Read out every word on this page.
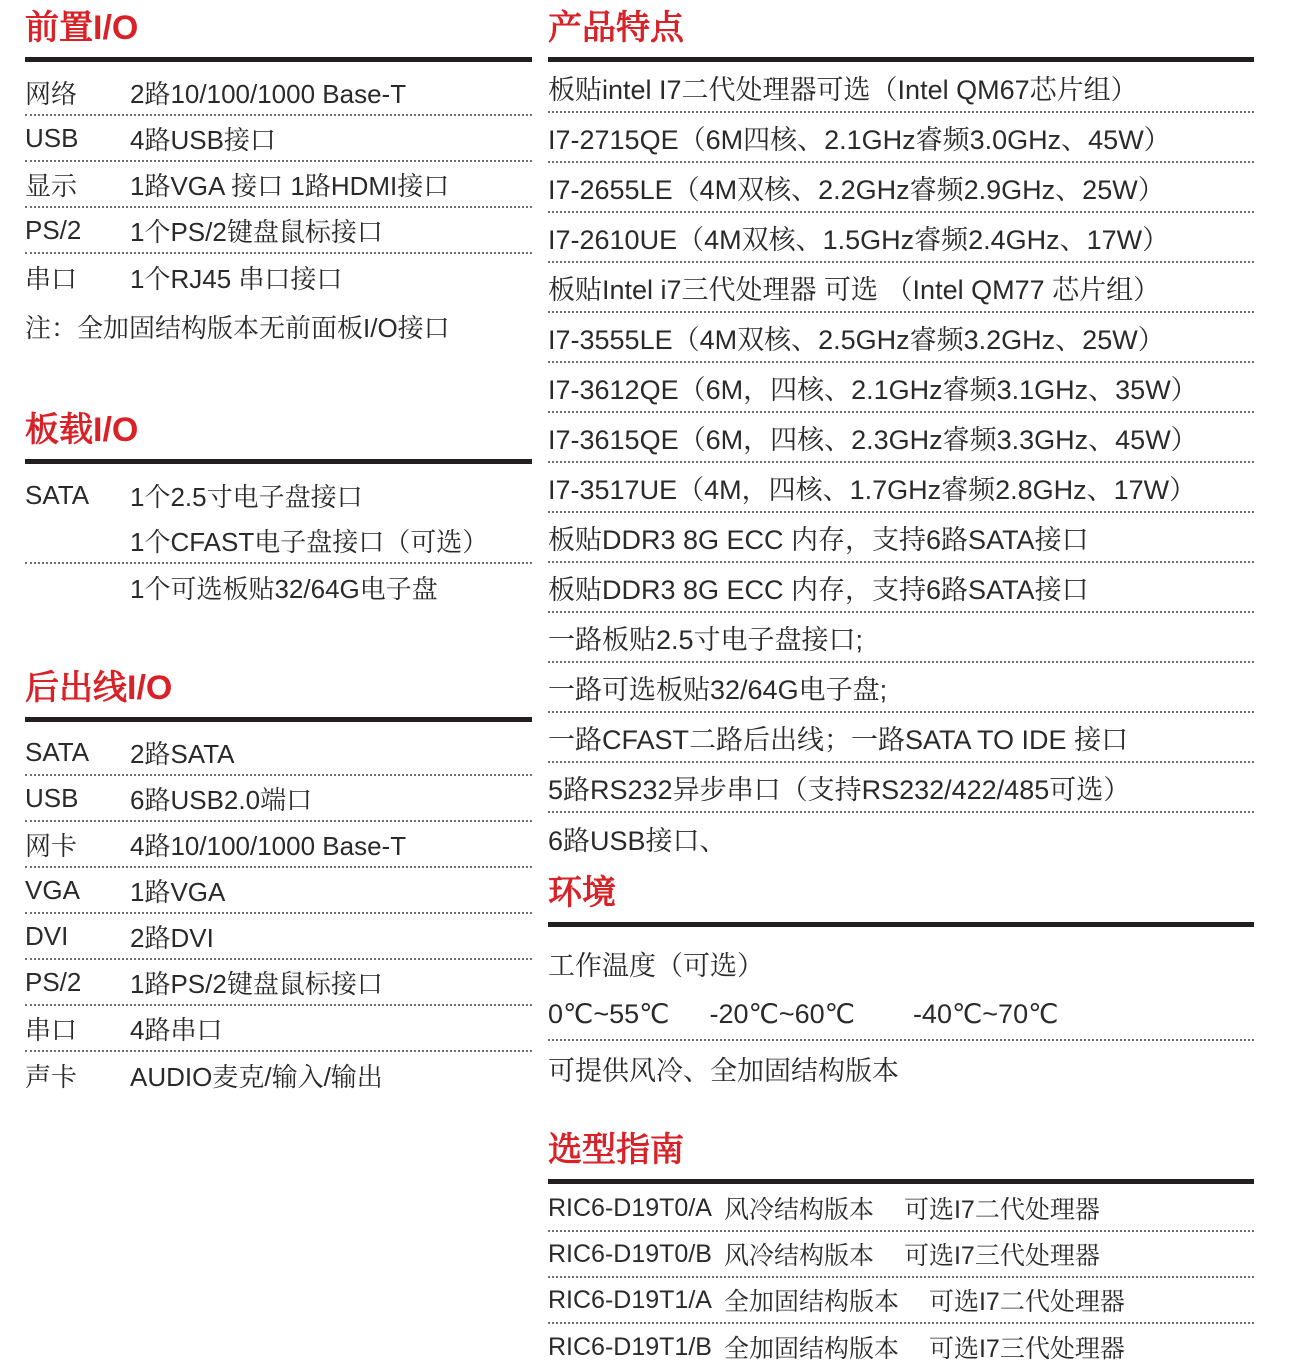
前置I/O
网络	2路10/100/1000 Base-T
USB	4路USB接口
显示	1路VGA 接口 1路HDMI接口
PS/2	1个PS/2键盘鼠标接口
串口	1个RJ45 串口接口
注：全加固结构版本无前面板I/O接口
板载I/O
SATA	1个2.5寸电子盘接口
1个CFAST电子盘接口（可选）
1个可选板贴32/64G电子盘
后出线I/O
SATA	2路SATA
USB	6路USB2.0端口
网卡	4路10/100/1000 Base-T
VGA	1路VGA
DVI	2路DVI
PS/2	1路PS/2键盘鼠标接口
串口	4路串口
声卡	AUDIO麦克/输入/输出
产品特点
板贴intel I7二代处理器可选（Intel QM67芯片组）
I7-2715QE（6M四核、2.1GHz睿频3.0GHz、45W）
I7-2655LE（4M双核、2.2GHz睿频2.9GHz、25W）
I7-2610UE（4M双核、1.5GHz睿频2.4GHz、17W）
板贴Intel i7三代处理器 可选 （Intel QM77 芯片组）
I7-3555LE（4M双核、2.5GHz睿频3.2GHz、25W）
I7-3612QE（6M，四核、2.1GHz睿频3.1GHz、35W）
I7-3615QE（6M，四核、2.3GHz睿频3.3GHz、45W）
I7-3517UE（4M，四核、1.7GHz睿频2.8GHz、17W）
板贴DDR3 8G ECC 内存，支持6路SATA接口
板贴DDR3 8G ECC 内存，支持6路SATA接口
一路板贴2.5寸电子盘接口;
一路可选板贴32/64G电子盘;
一路CFAST二路后出线；一路SATA TO IDE 接口
5路RS232异步串口（支持RS232/422/485可选）
6路USB接口、
环境
工作温度（可选）
0℃~55℃ -20℃~60℃ -40℃~70℃
可提供风冷、全加固结构版本
选型指南
RIC6-D19T0/A 风冷结构版本 可选I7二代处理器
RIC6-D19T0/B 风冷结构版本 可选I7三代处理器
RIC6-D19T1/A 全加固结构版本 可选I7二代处理器
RIC6-D19T1/B 全加固结构版本 可选I7三代处理器
